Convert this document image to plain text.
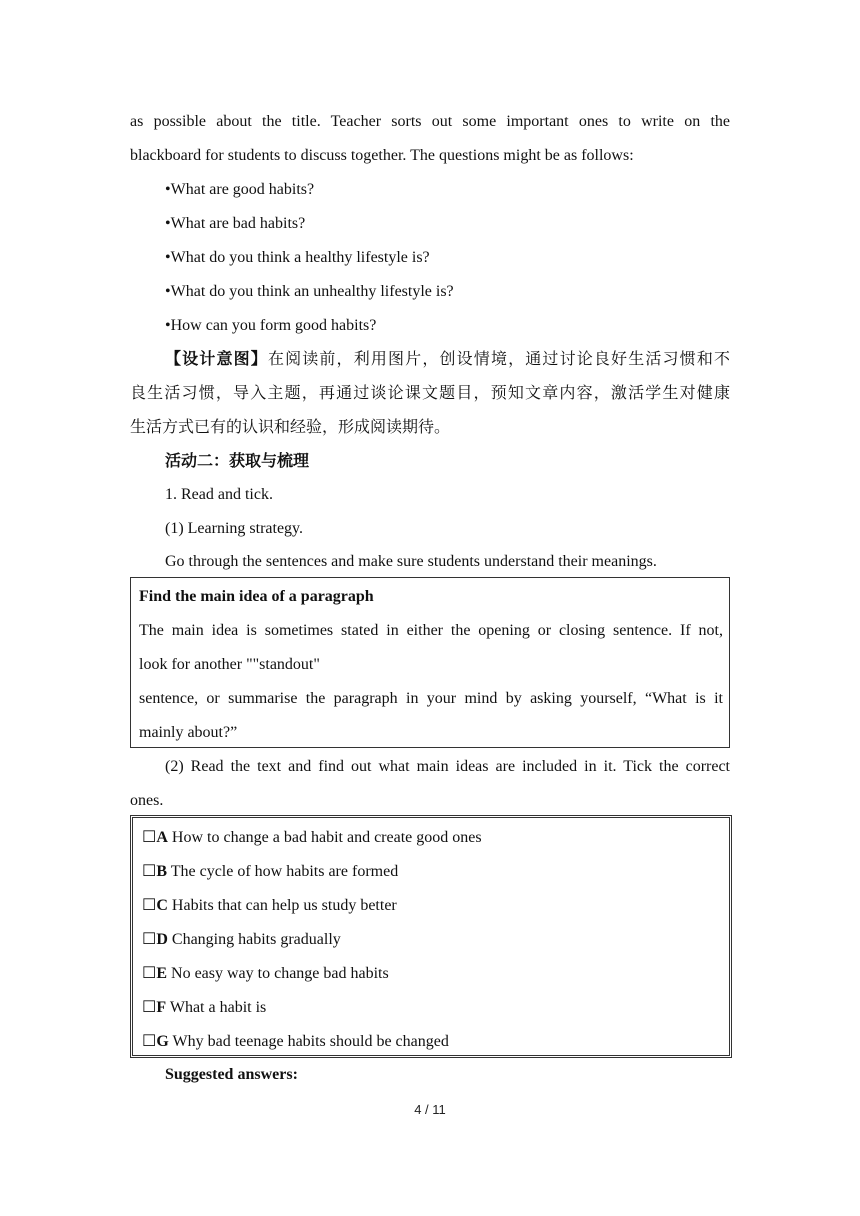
as possible about the title. Teacher sorts out some important ones to write on the
blackboard for students to discuss together. The questions might be as follows:
•What are good habits?
•What are bad habits?
•What do you think a healthy lifestyle is?
•What do you think an unhealthy lifestyle is?
•How can you form good habits?
【设计意图】在阅读前，利用图片，创设情境，通过讨论良好生活习惯和不
良生活习惯，导入主题，再通过谈论课文题目，预知文章内容，激活学生对健康
生活方式已有的认识和经验，形成阅读期待。
活动二：获取与梳理
1. Read and tick.
(1) Learning strategy.
Go through the sentences and make sure students understand their meanings.
Find the main idea of a paragraph
The main idea is sometimes stated in either the opening or closing sentence. If not,
look for another ""standout"
sentence, or summarise the paragraph in your mind by asking yourself, “What is it
mainly about?”
(2) Read the text and find out what main ideas are included in it. Tick the correct
ones.
☐A How to change a bad habit and create good ones
☐B The cycle of how habits are formed
☐C Habits that can help us study better
☐D Changing habits gradually
☐E No easy way to change bad habits
☐F What a habit is
☐G Why bad teenage habits should be changed
Suggested answers:
4 / 11
